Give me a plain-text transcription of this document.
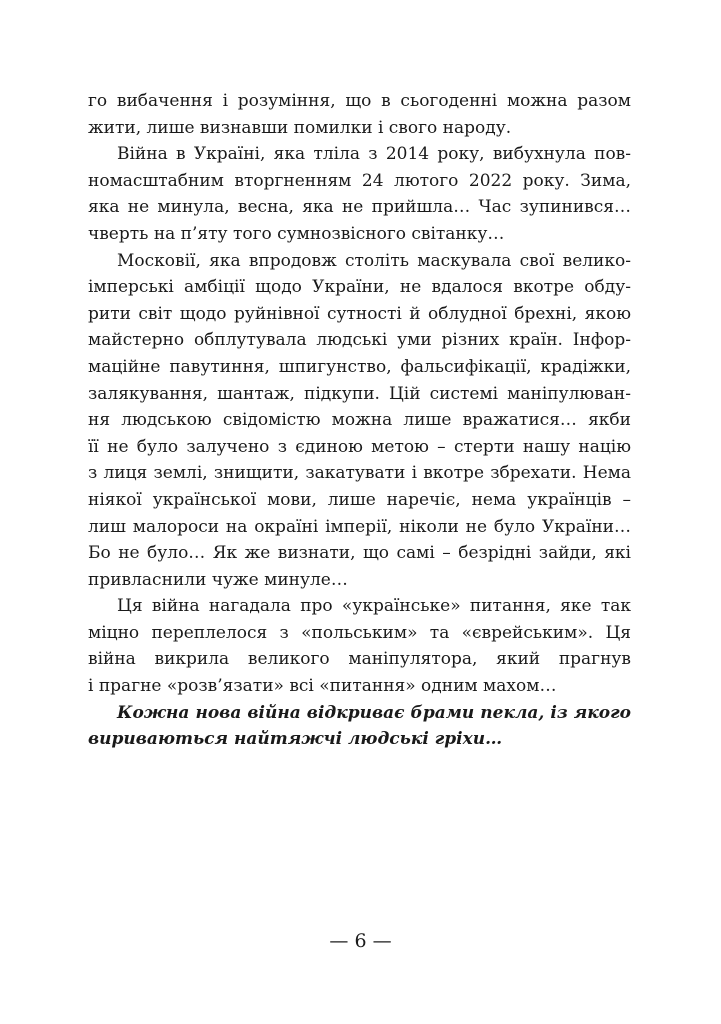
го вибачення і розуміння, що в сьогоденні можна разом
жити, лише визнавши помилки і свого народу.
Війна в Україні, яка тліла з 2014 року, вибухнула пов-
номасштабним вторгненням 24 лютого 2022 року. Зима,
яка не минула, весна, яка не прийшла… Час зупинився…
чверть на п’яту того сумнозвісного світанку…
Московії, яка впродовж століть маскувала свої велико-
імперські амбіції щодо України, не вдалося вкотре обду-
рити світ щодо руйнівної сутності й облудної брехні, якою
майстерно обплутувала людські уми різних країн. Інфор-
маційне павутиння, шпигунство, фальсифікації, крадіжки,
залякування, шантаж, підкупи. Цій системі маніпулюван-
ня людською свідомістю можна лише вражатися… якби
її не було залучено з єдиною метою – стерти нашу націю
з лиця землі, знищити, закатувати і вкотре збрехати. Нема
ніякої української мови, лише наречіє, нема українців –
лиш малороси на окраїні імперії, ніколи не було України…
Бо не було… Як же визнати, що самі – безрідні зайди, які
привласнили чуже минуле…
Ця війна нагадала про «українське» питання, яке так
міцно переплелося з «польським» та «єврейським». Ця
війна викрила великого маніпулятора, який прагнув
і прагне «розв’язати» всі «питання» одним махом…
Кожна нова війна відкриває брами пекла, із якого
вириваються найтяжчі людські гріхи…
— 6 —
